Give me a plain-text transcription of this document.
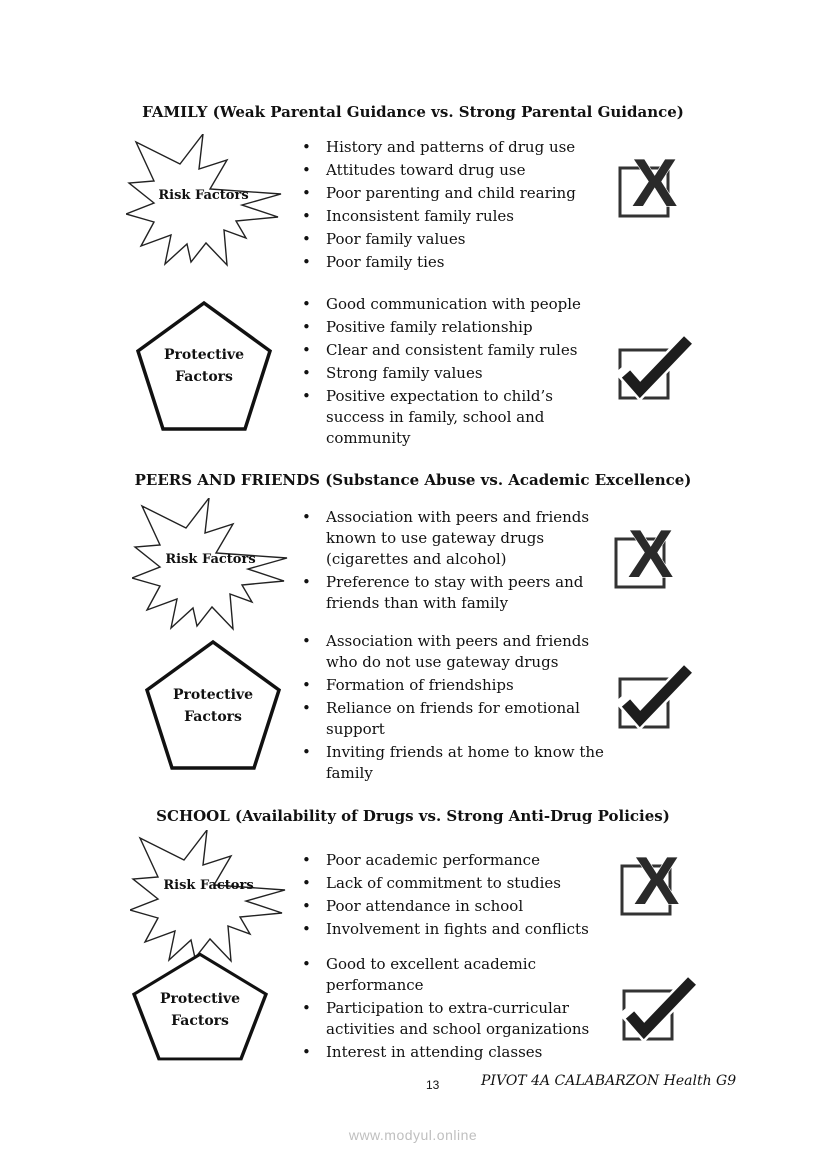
FAMILY (Weak Parental Guidance vs. Strong Parental Guidance)
Risk Factors
• History and patterns of drug use
• Attitudes toward drug use
• Poor parenting and child rearing
• Inconsistent family rules
• Poor family values
• Poor family ties
Protective
Factors
• Good communication with people
• Positive family relationship
• Clear and consistent family rules
• Strong family values
• Positive expectation to child’s success in family, school and community
PEERS AND FRIENDS (Substance Abuse vs. Academic Excellence)
Risk Factors
• Association with peers and friends known to use gateway drugs (cigarettes and alcohol)
• Preference to stay with peers and friends than with family
Protective
Factors
• Association with peers and friends who do not use gateway drugs
• Formation of friendships
• Reliance on friends for emotional support
• Inviting friends at home to know the family
SCHOOL (Availability of Drugs vs. Strong Anti-Drug Policies)
Risk Factors
• Poor academic performance
• Lack of commitment to studies
• Poor attendance in school
• Involvement in fights and conflicts
Protective
Factors
• Good to excellent academic performance
• Participation to extra-curricular activities and school organizations
• Interest in attending classes
13	PIVOT 4A CALABARZON Health G9
www.modyul.online
